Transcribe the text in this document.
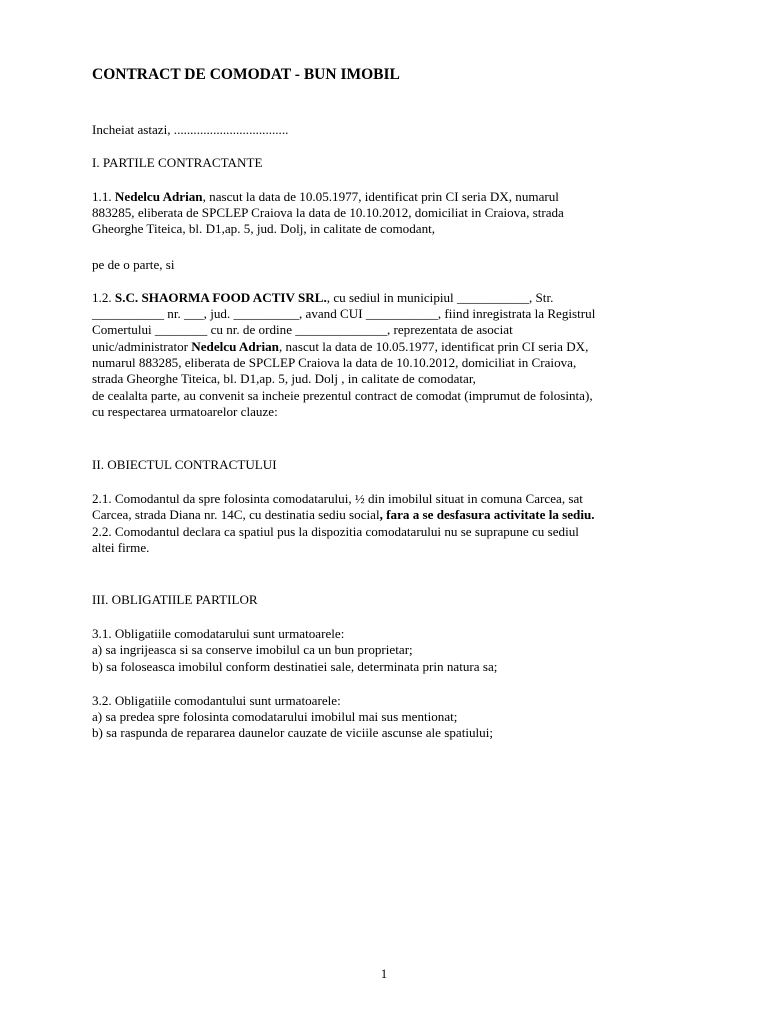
CONTRACT DE COMODAT - BUN IMOBIL
Incheiat astazi, ...................................
I. PARTILE CONTRACTANTE
1.1. Nedelcu Adrian, nascut la data de 10.05.1977, identificat prin CI seria DX, numarul
883285, eliberata de SPCLEP Craiova la data de 10.10.2012, domiciliat in Craiova, strada
Gheorghe Titeica, bl. D1,ap. 5, jud. Dolj, in calitate de comodant,
pe de o parte, si
1.2. S.C. SHAORMA FOOD ACTIV SRL., cu sediul in municipiul ___________, Str.
___________ nr. ___, jud. __________, avand CUI ___________, fiind inregistrata la Registrul
Comertului ________ cu nr. de ordine ______________, reprezentata de asociat
unic/administrator Nedelcu Adrian, nascut la data de 10.05.1977, identificat prin CI seria DX,
numarul 883285, eliberata de SPCLEP Craiova la data de 10.10.2012, domiciliat in Craiova,
strada Gheorghe Titeica, bl. D1,ap. 5, jud. Dolj , in calitate de comodatar,
de cealalta parte, au convenit sa incheie prezentul contract de comodat (imprumut de folosinta),
cu respectarea urmatoarelor clauze:
II. OBIECTUL CONTRACTULUI
2.1. Comodantul da spre folosinta comodatarului, ½ din imobilul situat in comuna Carcea, sat
Carcea, strada Diana nr. 14C, cu destinatia sediu social, fara a se desfasura activitate la sediu.
2.2. Comodantul declara ca spatiul pus la dispozitia comodatarului nu se suprapune cu sediul
altei firme.
III. OBLIGATIILE PARTILOR
3.1. Obligatiile comodatarului sunt urmatoarele:
a) sa ingrijeasca si sa conserve imobilul ca un bun proprietar;
b) sa foloseasca imobilul conform destinatiei sale, determinata prin natura sa;
3.2. Obligatiile comodantului sunt urmatoarele:
a) sa predea spre folosinta comodatarului imobilul mai sus mentionat;
b) sa raspunda de repararea daunelor cauzate de viciile ascunse ale spatiului;
1
